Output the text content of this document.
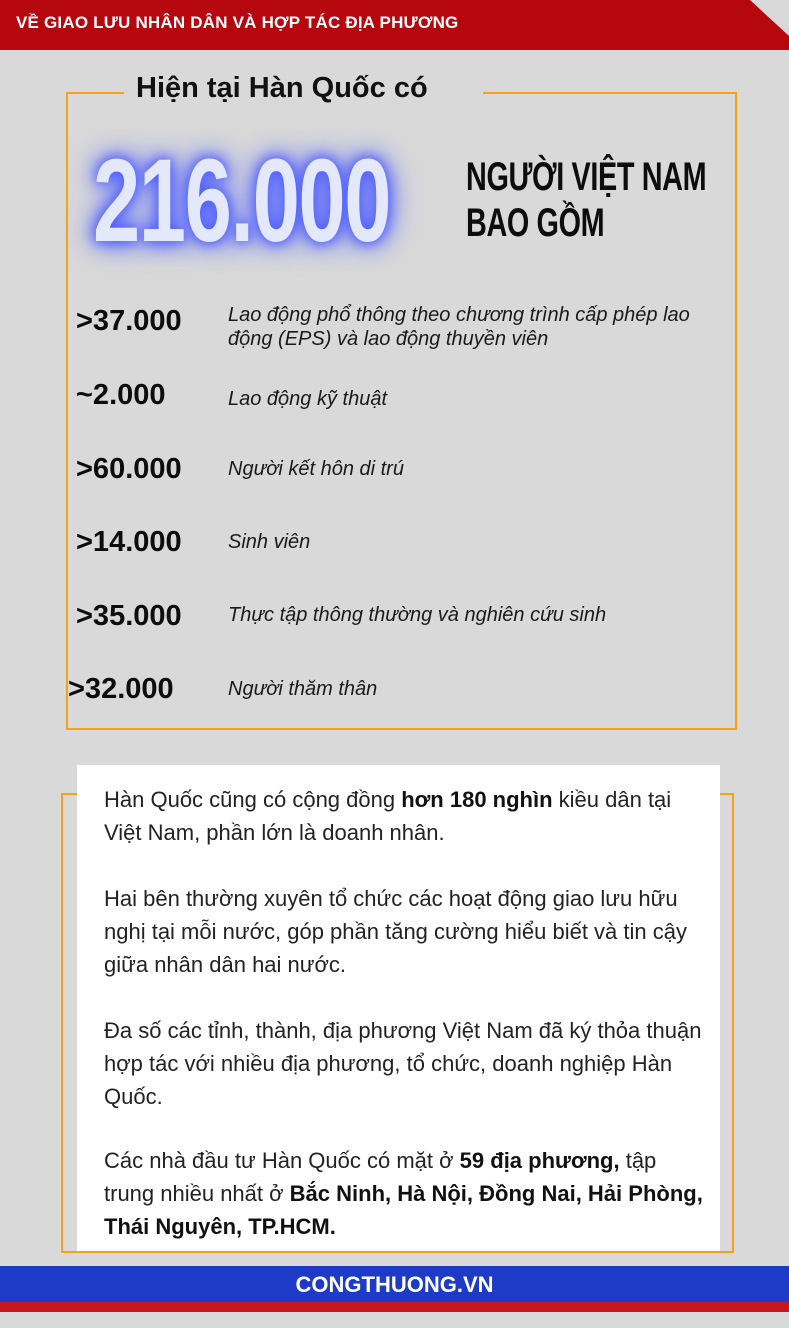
VỀ GIAO LƯU NHÂN DÂN VÀ HỢP TÁC ĐỊA PHƯƠNG
Hiện tại Hàn Quốc có
216.000 NGƯỜI VIỆT NAM
BAO GỒM
>37.000 Lao động phổ thông theo chương trình cấp phép lao động (EPS) và lao động thuyền viên
~2.000	Lao động kỹ thuật
>60.000 Người kết hôn di trú
>14.000 Sinh viên
>35.000 Thực tập thông thường và nghiên cứu sinh
>32.000	Người thăm thân
Hàn Quốc cũng có cộng đồng hơn 180 nghìn kiều dân tại Việt Nam, phần lớn là doanh nhân.
Hai bên thường xuyên tổ chức các hoạt động giao lưu hữu nghị tại mỗi nước, góp phần tăng cường hiểu biết và tin cậy giữa nhân dân hai nước.
Đa số các tỉnh, thành, địa phương Việt Nam đã ký thỏa thuận hợp tác với nhiều địa phương, tổ chức, doanh nghiệp Hàn Quốc.
Các nhà đầu tư Hàn Quốc có mặt ở 59 địa phương, tập trung nhiều nhất ở Bắc Ninh, Hà Nội, Đồng Nai, Hải Phòng, Thái Nguyên, TP.HCM.
CONGTHUONG.VN
